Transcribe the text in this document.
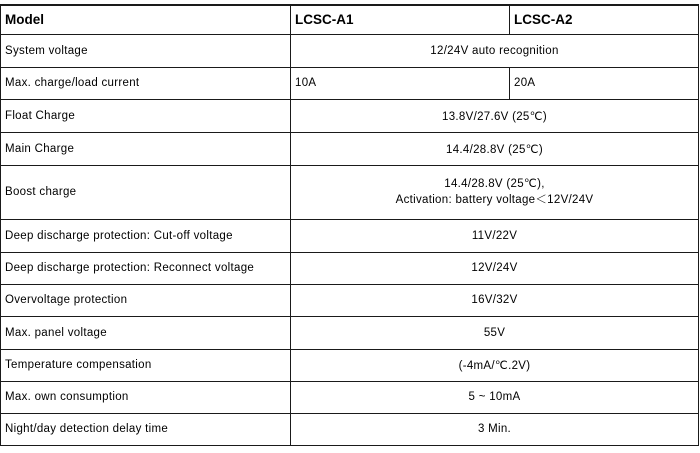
Model	LCSC-A1	LCSC-A2
System voltage	12/24V auto recognition	
Max. charge/load current	10A	20A
Float Charge	13.8V/27.6V (25℃)	
Main Charge	14.4/28.8V (25℃)	
Boost charge	14.4/28.8V (25℃),
Activation: battery voltage＜12V/24V	

Deep discharge protection: Cut-off voltage	11V/22V	
Deep discharge protection: Reconnect voltage	12V/24V	
Overvoltage protection	16V/32V	
Max. panel voltage	55V	
Temperature compensation	(-4mA/℃.2V)	
Max. own consumption	5 ~ 10mA	
Night/day detection delay time	3 Min.	
